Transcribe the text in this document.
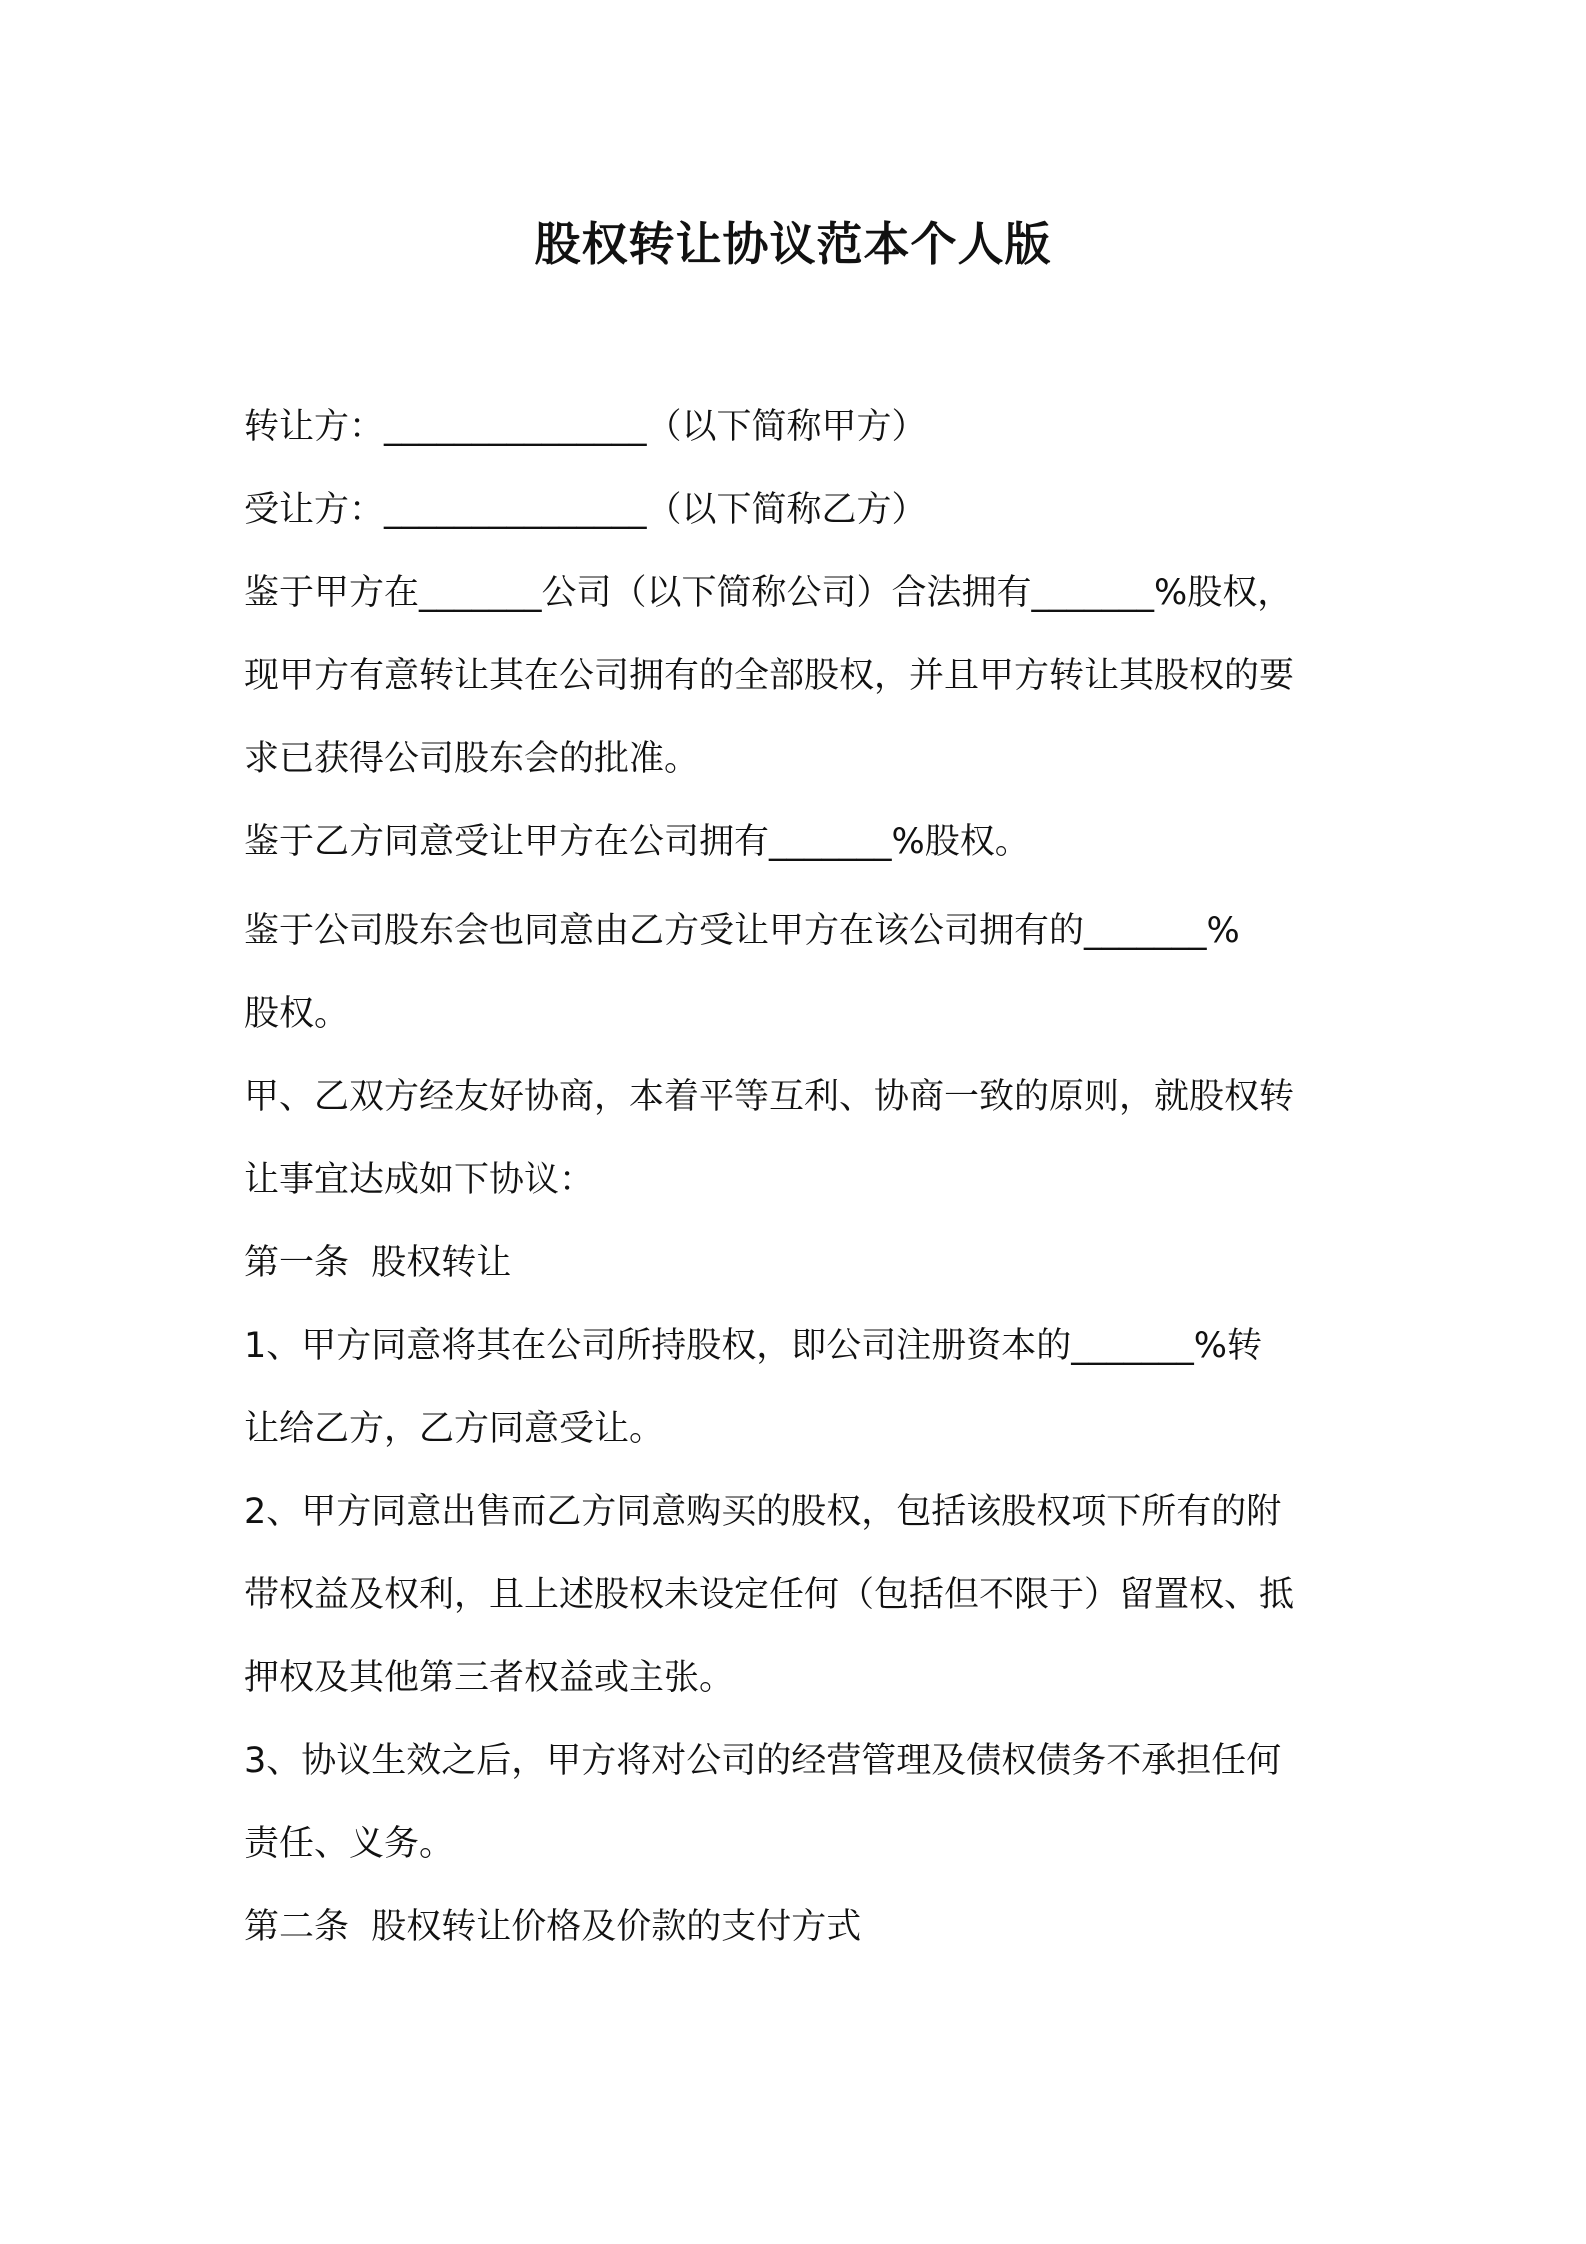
股权转让协议范本个人版

转让方：_______________（以下简称甲方）

受让方：_______________（以下简称乙方）

鉴于甲方在_______公司（以下简称公司）合法拥有_______%股权，

现甲方有意转让其在公司拥有的全部股权，并且甲方转让其股权的要

求已获得公司股东会的批准。

鉴于乙方同意受让甲方在公司拥有_______%股权。

鉴于公司股东会也同意由乙方受让甲方在该公司拥有的_______%

股权。

甲、乙双方经友好协商，本着平等互利、协商一致的原则，就股权转

让事宜达成如下协议：

第一条  股权转让

1、甲方同意将其在公司所持股权，即公司注册资本的_______%转

让给乙方，乙方同意受让。

2、甲方同意出售而乙方同意购买的股权，包括该股权项下所有的附

带权益及权利，且上述股权未设定任何（包括但不限于）留置权、抵

押权及其他第三者权益或主张。

3、协议生效之后，甲方将对公司的经营管理及债权债务不承担任何

责任、义务。

第二条  股权转让价格及价款的支付方式
